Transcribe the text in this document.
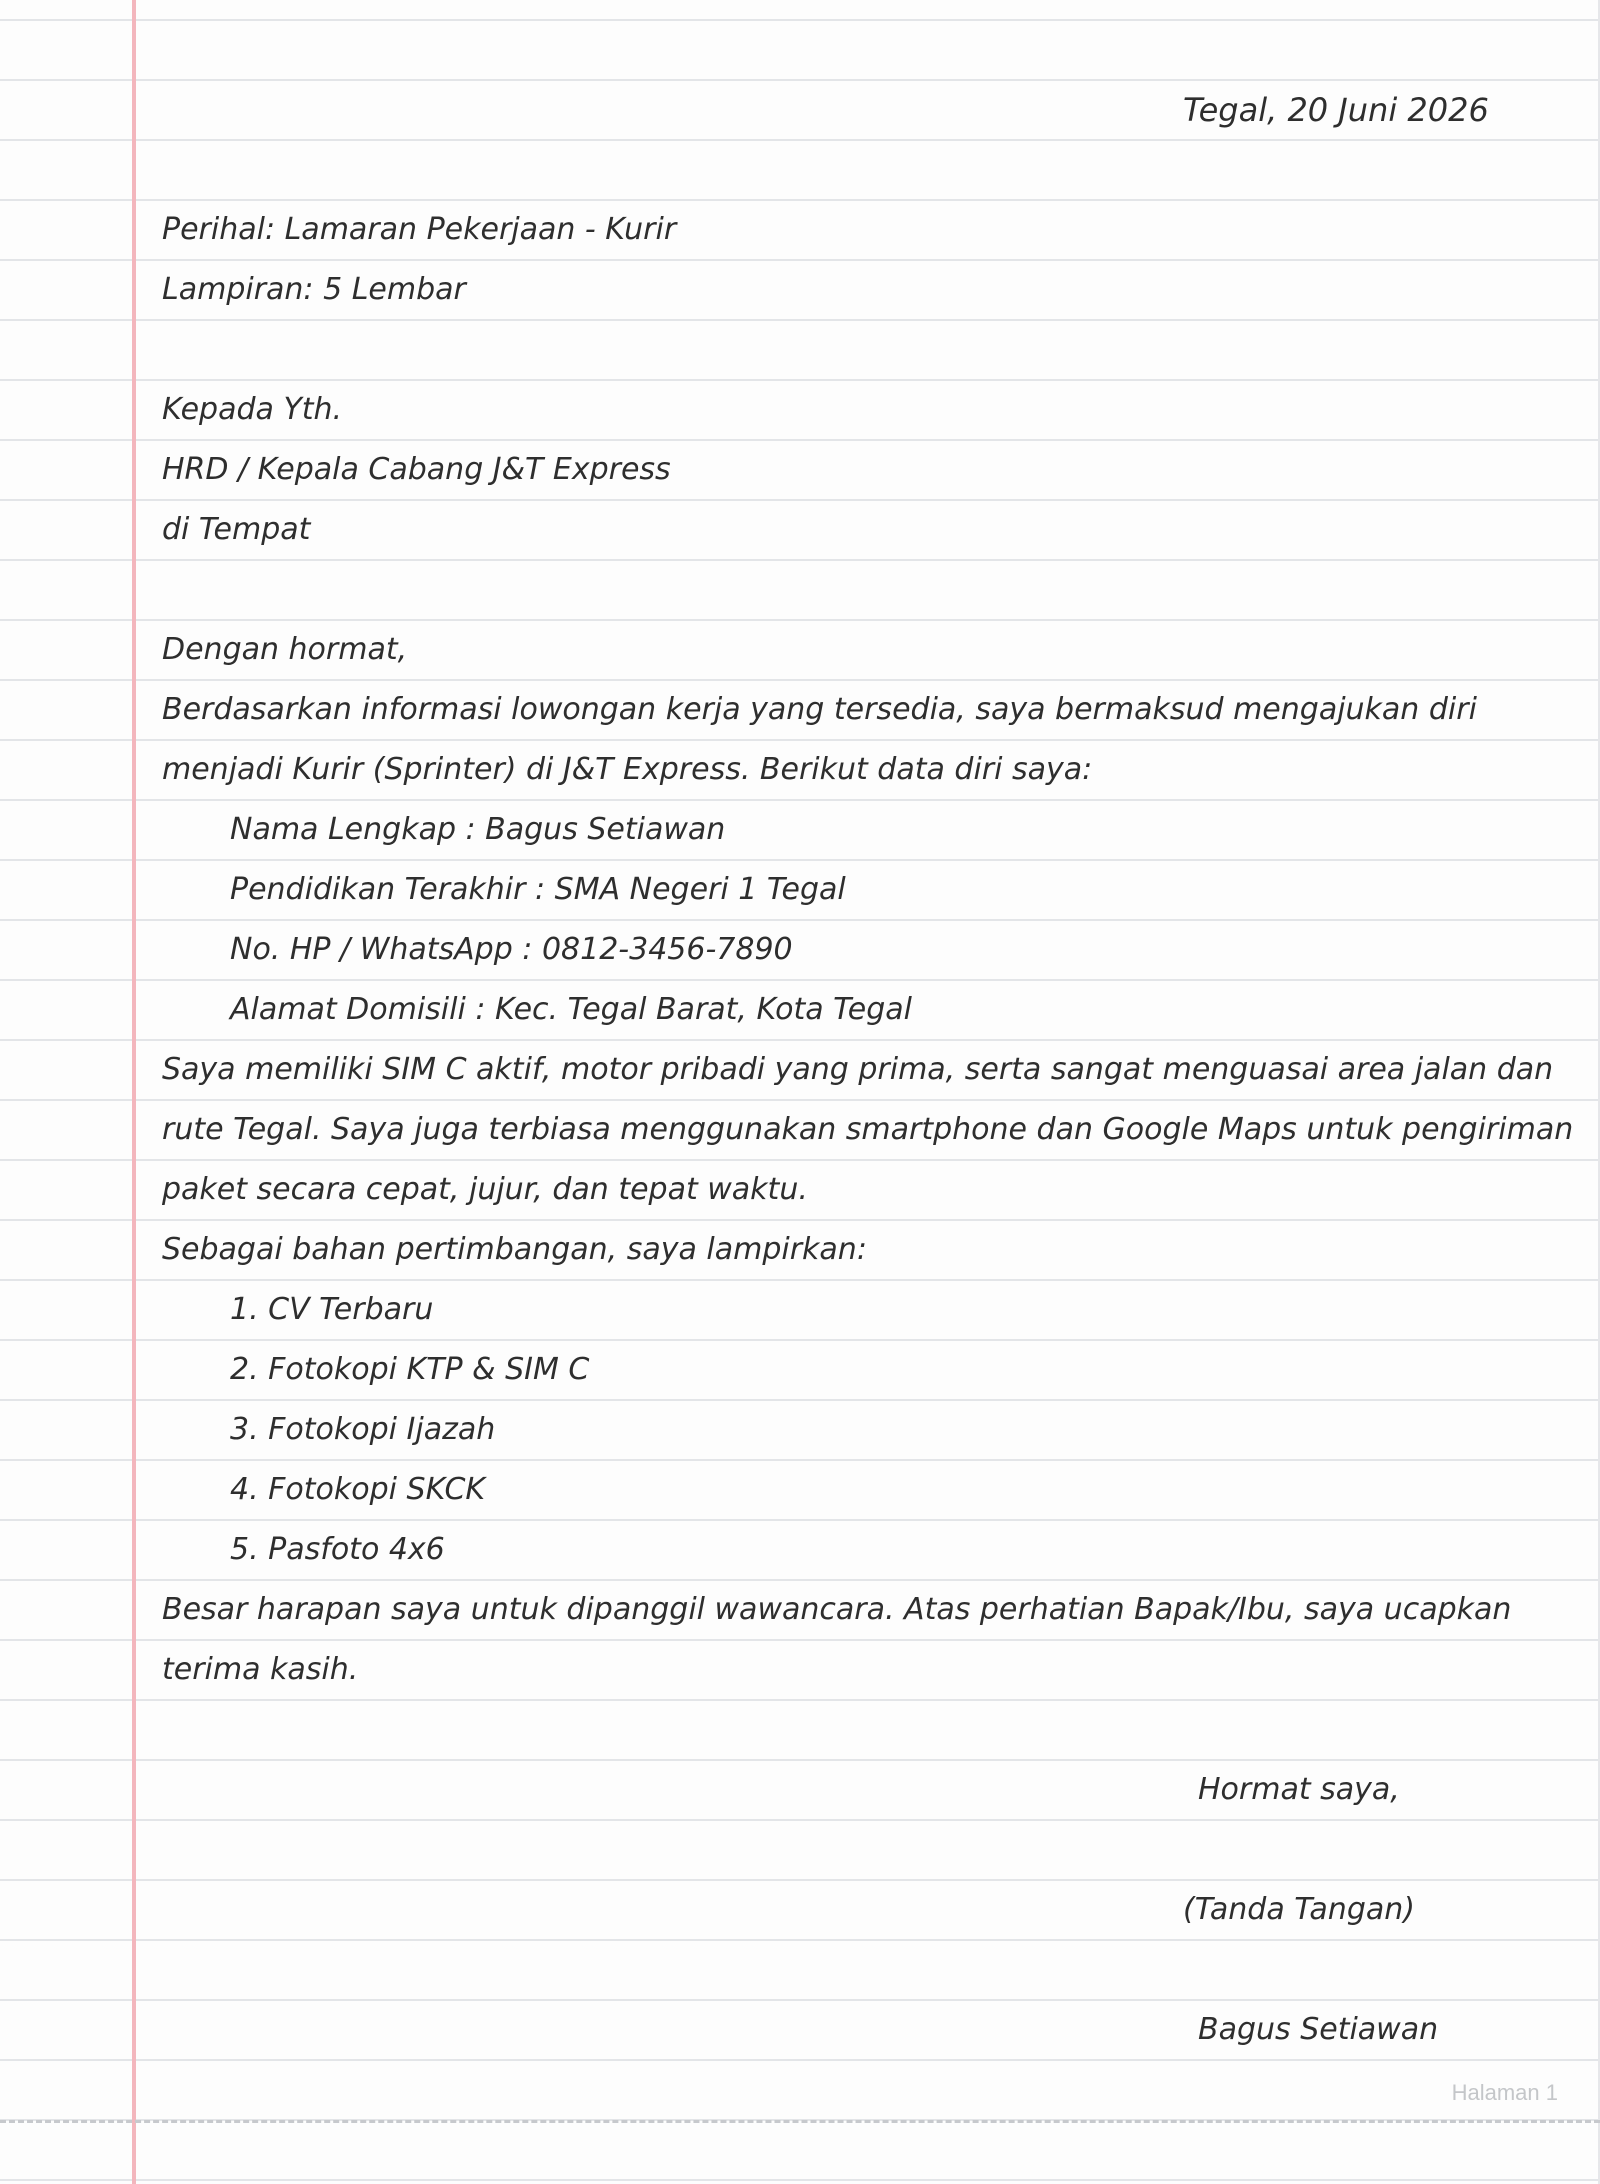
Tegal, 20 Juni 2026
Perihal: Lamaran Pekerjaan - Kurir
Lampiran: 5 Lembar
Kepada Yth.
HRD / Kepala Cabang J&T Express
di Tempat
Dengan hormat,
Berdasarkan informasi lowongan kerja yang tersedia, saya bermaksud mengajukan diri
menjadi Kurir (Sprinter) di J&T Express. Berikut data diri saya:
Nama Lengkap : Bagus Setiawan
Pendidikan Terakhir : SMA Negeri 1 Tegal
No. HP / WhatsApp : 0812-3456-7890
Alamat Domisili : Kec. Tegal Barat, Kota Tegal
Saya memiliki SIM C aktif, motor pribadi yang prima, serta sangat menguasai area jalan dan
rute Tegal. Saya juga terbiasa menggunakan smartphone dan Google Maps untuk pengiriman
paket secara cepat, jujur, dan tepat waktu.
Sebagai bahan pertimbangan, saya lampirkan:
1. CV Terbaru
2. Fotokopi KTP & SIM C
3. Fotokopi Ijazah
4. Fotokopi SKCK
5. Pasfoto 4x6
Besar harapan saya untuk dipanggil wawancara. Atas perhatian Bapak/Ibu, saya ucapkan
terima kasih.
Hormat saya,
(Tanda Tangan)
Bagus Setiawan
Halaman 1
